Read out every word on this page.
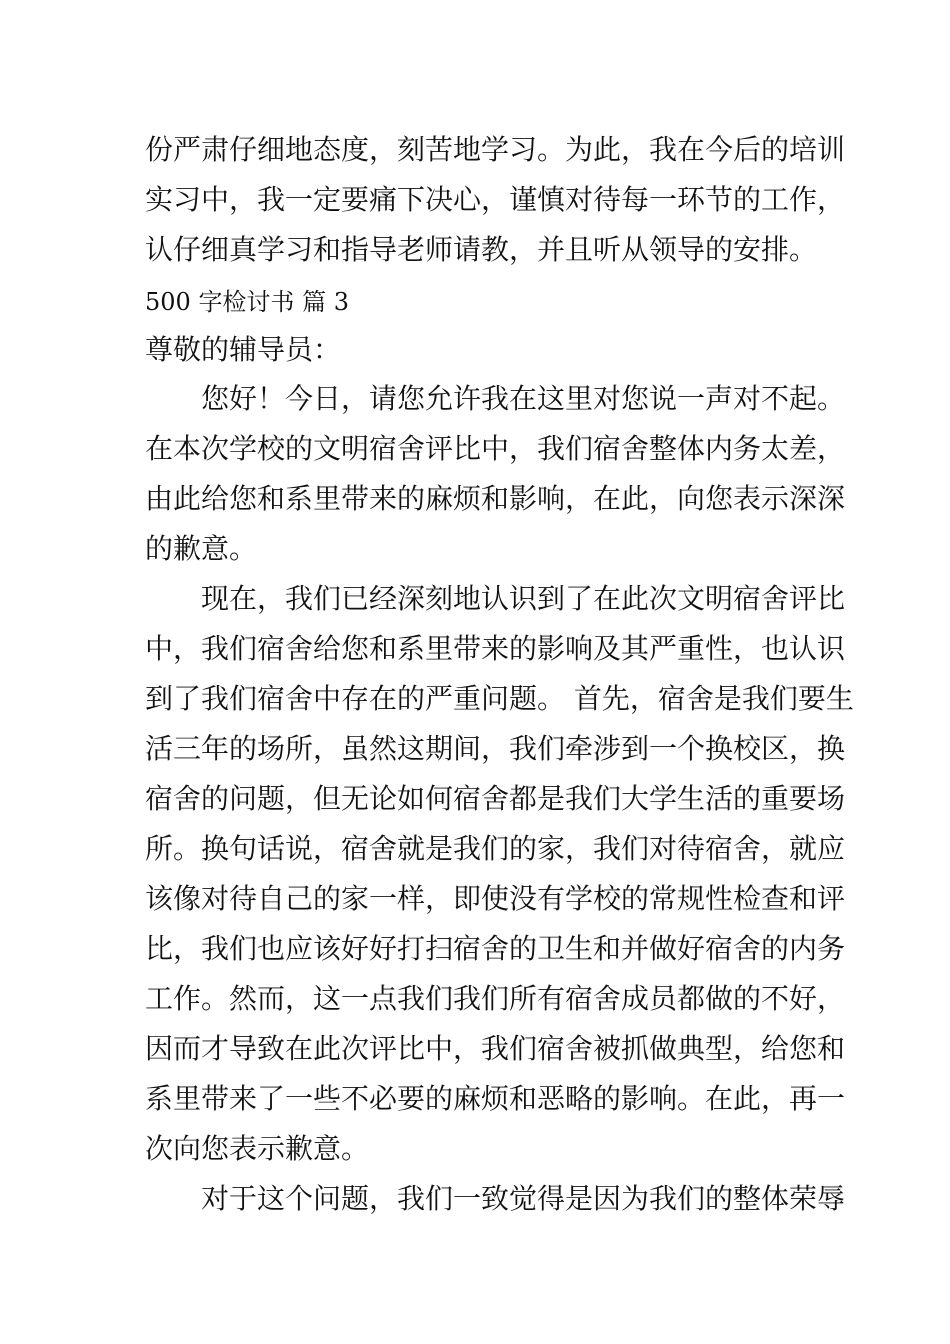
份严肃仔细地态度，刻苦地学习。为此，我在今后的培训
实习中，我一定要痛下决心，谨慎对待每一环节的工作，
认仔细真学习和指导老师请教，并且听从领导的安排。
500 字检讨书 篇 3
尊敬的辅导员：
您好！今日，请您允许我在这里对您说一声对不起。
在本次学校的文明宿舍评比中，我们宿舍整体内务太差，
由此给您和系里带来的麻烦和影响，在此，向您表示深深
的歉意。
现在，我们已经深刻地认识到了在此次文明宿舍评比
中，我们宿舍给您和系里带来的影响及其严重性，也认识
到了我们宿舍中存在的严重问题。 首先，宿舍是我们要生
活三年的场所，虽然这期间，我们牵涉到一个换校区，换
宿舍的问题，但无论如何宿舍都是我们大学生活的重要场
所。换句话说，宿舍就是我们的家，我们对待宿舍，就应
该像对待自己的家一样，即使没有学校的常规性检查和评
比，我们也应该好好打扫宿舍的卫生和并做好宿舍的内务
工作。然而，这一点我们我们所有宿舍成员都做的不好，
因而才导致在此次评比中，我们宿舍被抓做典型，给您和
系里带来了一些不必要的麻烦和恶略的影响。在此，再一
次向您表示歉意。
对于这个问题，我们一致觉得是因为我们的整体荣辱
